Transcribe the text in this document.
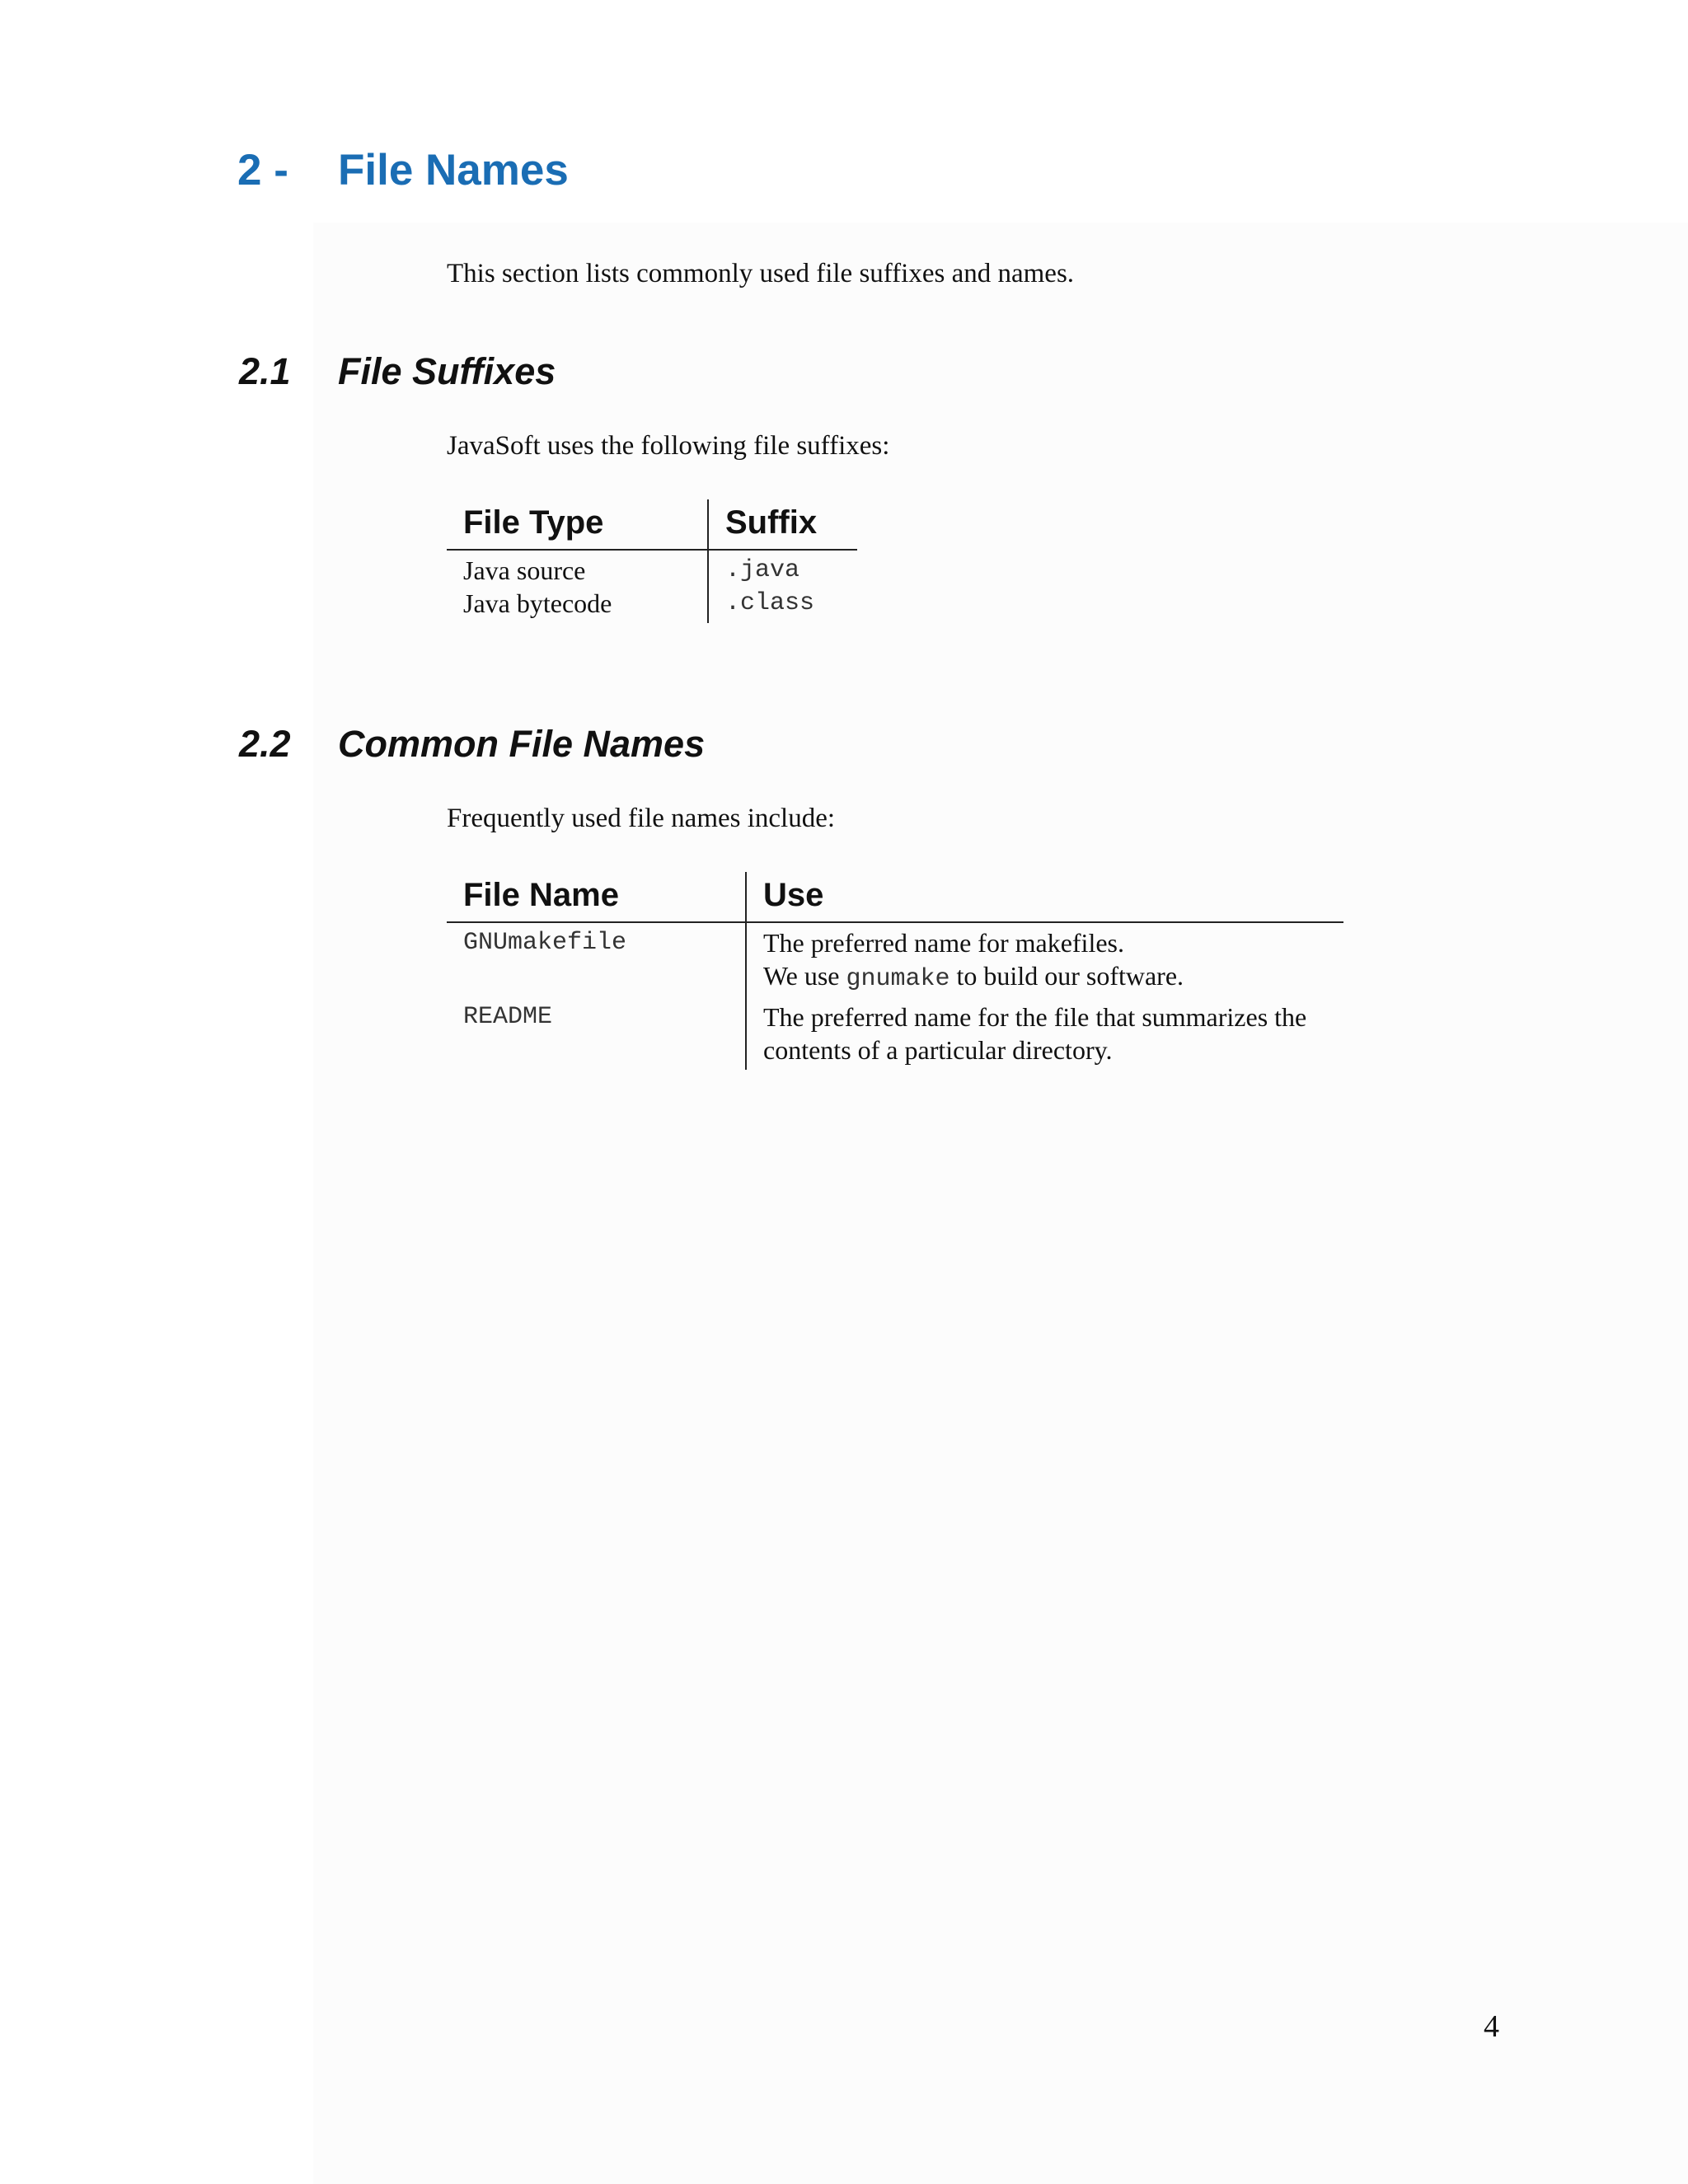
2 - File Names

This section lists commonly used file suffixes and names.

2.1 File Suffixes

JavaSoft uses the following file suffixes:

File Type	Suffix
Java source	.java
Java bytecode	.class
2.2 Common File Names

Frequently used file names include:

File Name	Use
GNUmakefile	The preferred name for makefiles.
We use gnumake to build our software.

README	The preferred name for the file that summarizes the
contents of a particular directory.
4
